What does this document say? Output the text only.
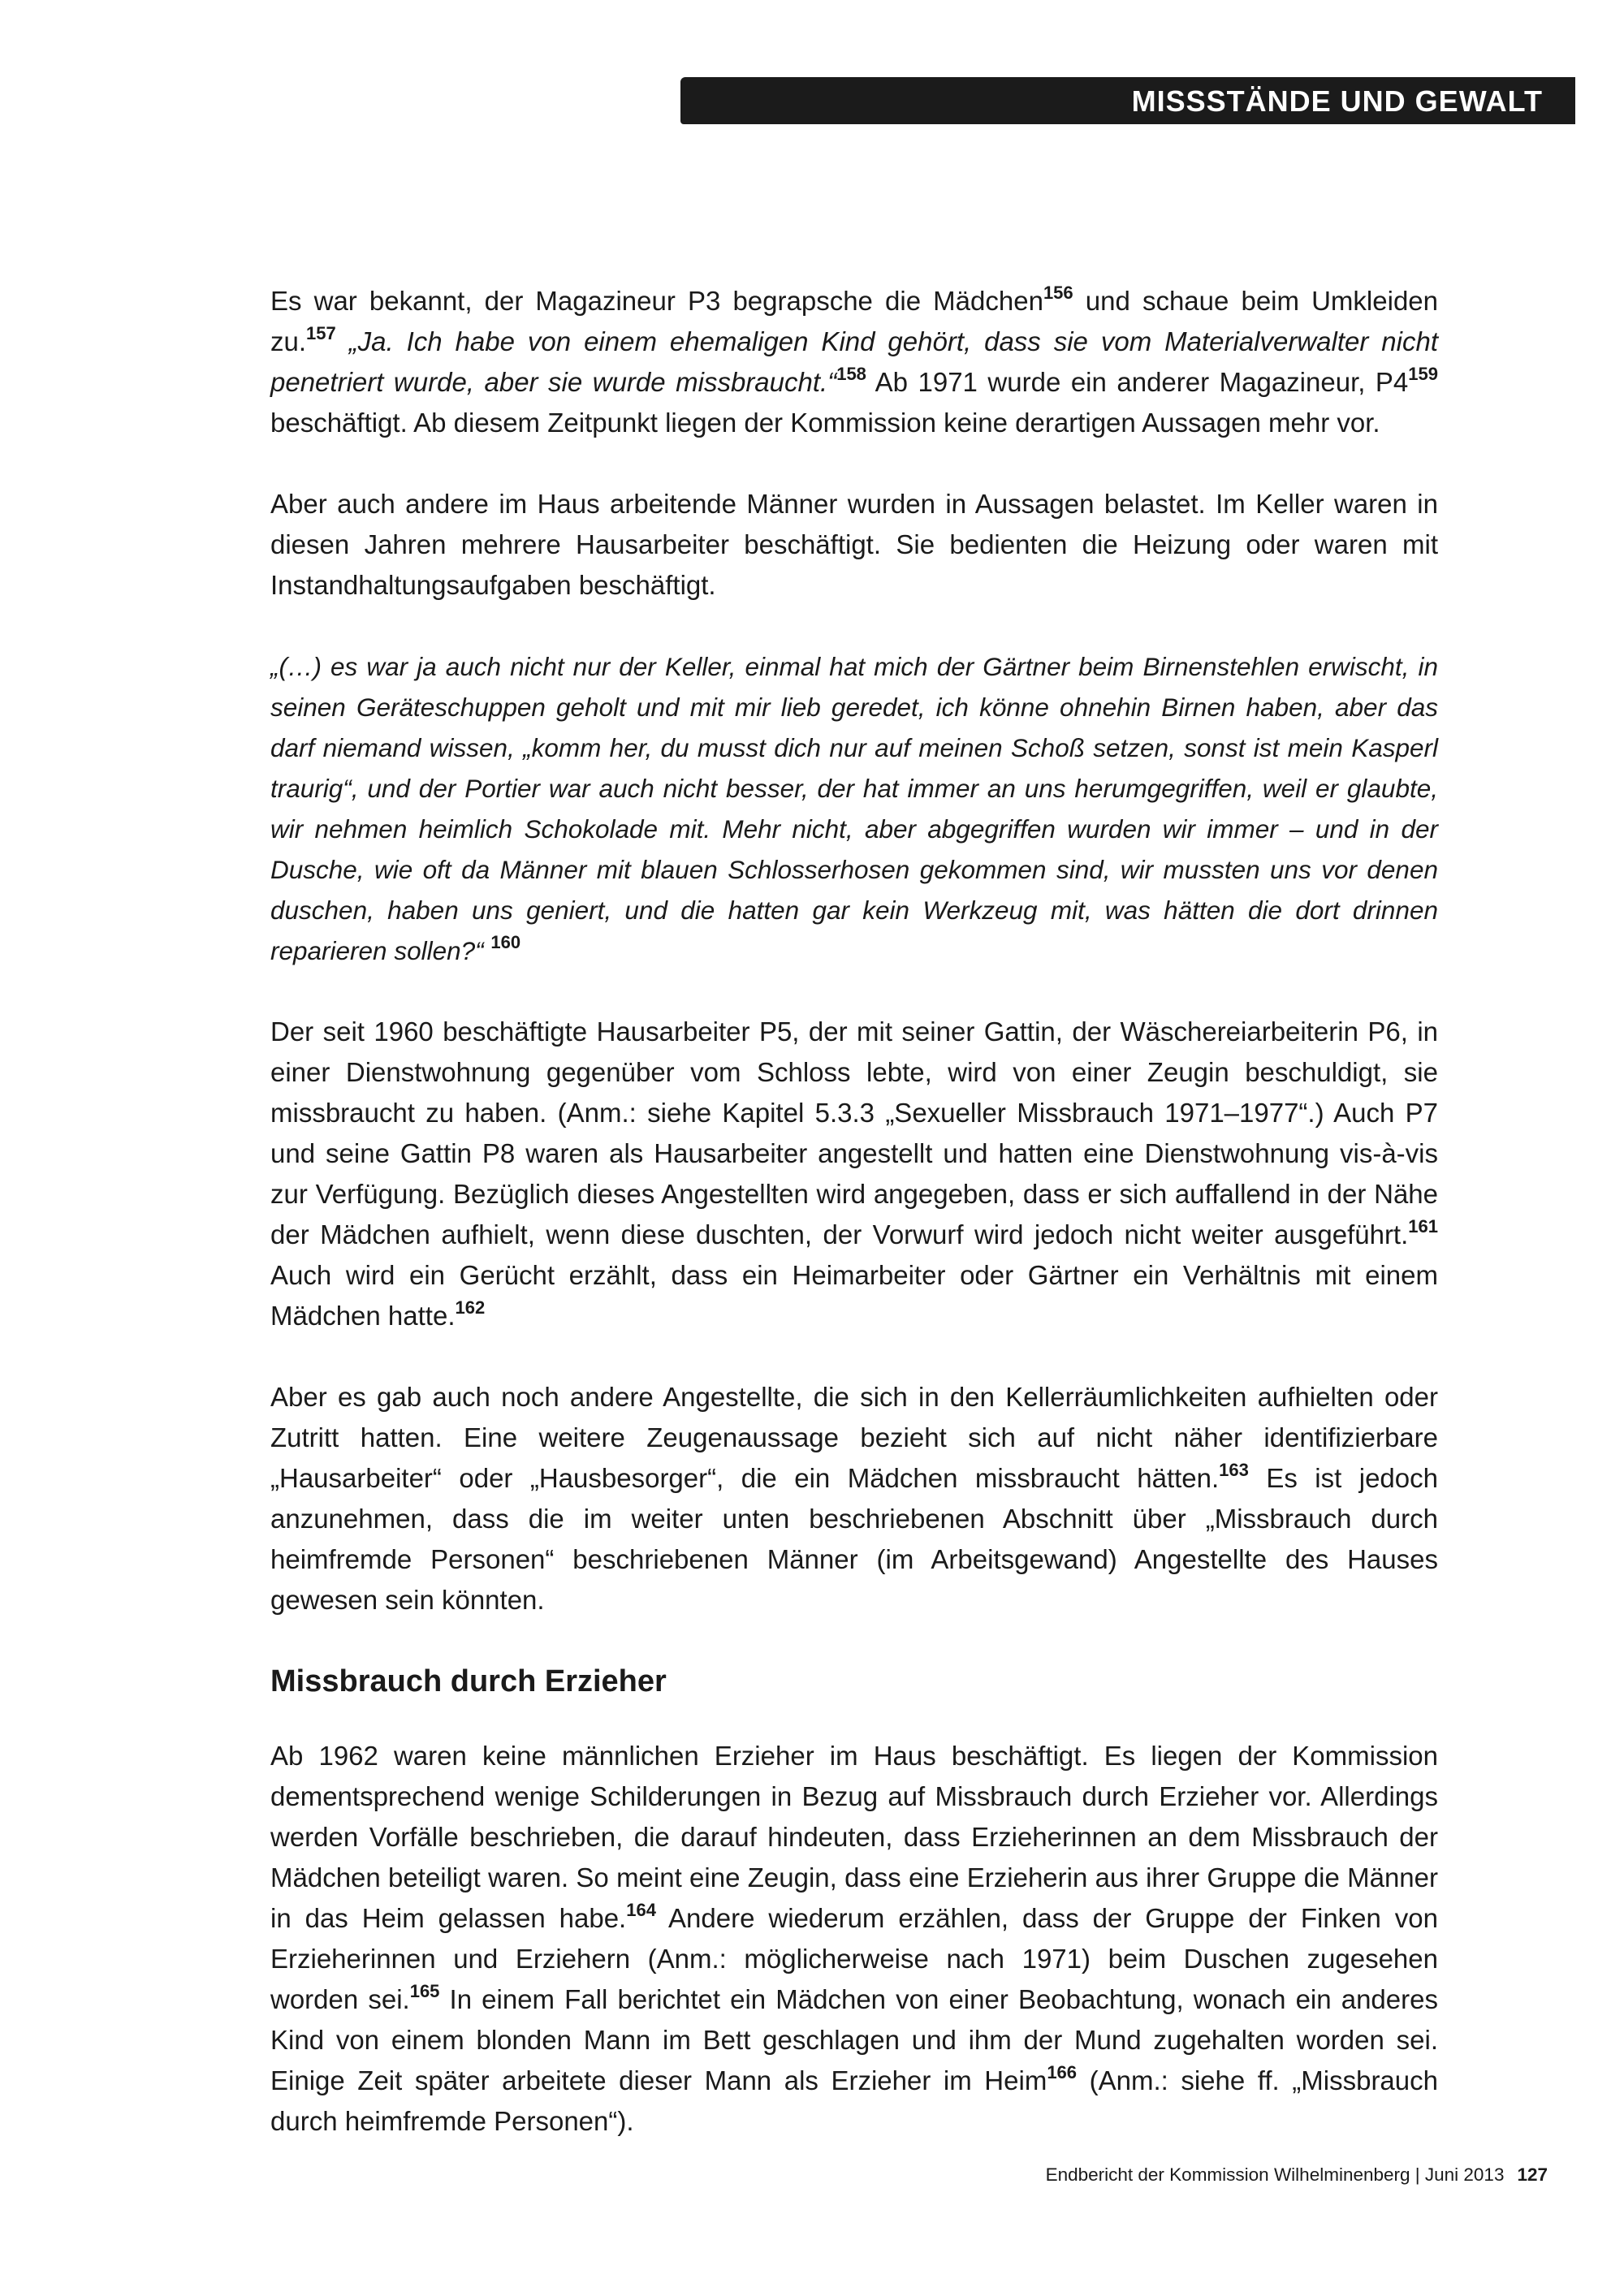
MISSSTÄNDE UND GEWALT

Es war bekannt, der Magazineur P3 begrapsche die Mädchen$^{156}$ und schaue beim Umkleiden zu.$^{157}$ „Ja. Ich habe von einem ehemaligen Kind gehört, dass sie vom Materialverwalter nicht penetriert wurde, aber sie wurde missbraucht.“$^{158}$ Ab 1971 wurde ein anderer Magazineur, P4$^{159}$ beschäftigt. Ab diesem Zeitpunkt liegen der Kommission keine derartigen Aussagen mehr vor.

Aber auch andere im Haus arbeitende Männer wurden in Aussagen belastet. Im Keller waren in diesen Jahren mehrere Hausarbeiter beschäftigt. Sie bedienten die Heizung oder waren mit Instandhaltungsaufgaben beschäftigt.

„(…) es war ja auch nicht nur der Keller, einmal hat mich der Gärtner beim Birnenstehlen erwischt, in seinen Geräteschuppen geholt und mit mir lieb geredet, ich könne ohnehin Birnen haben, aber das darf niemand wissen, „komm her, du musst dich nur auf meinen Schoß setzen, sonst ist mein Kasperl traurig“, und der Portier war auch nicht besser, der hat immer an uns herumgegriffen, weil er glaubte, wir nehmen heimlich Schokolade mit. Mehr nicht, aber abgegriffen wurden wir immer – und in der Dusche, wie oft da Männer mit blauen Schlosserhosen gekommen sind, wir mussten uns vor denen duschen, haben uns geniert, und die hatten gar kein Werkzeug mit, was hätten die dort drinnen reparieren sollen?“ $^{160}$

Der seit 1960 beschäftigte Hausarbeiter P5, der mit seiner Gattin, der Wäschereiarbeiterin P6, in einer Dienstwohnung gegenüber vom Schloss lebte, wird von einer Zeugin beschuldigt, sie missbraucht zu haben. (Anm.: siehe Kapitel 5.3.3 „Sexueller Missbrauch 1971–1977“.) Auch P7 und seine Gattin P8 waren als Hausarbeiter angestellt und hatten eine Dienstwohnung vis-à-vis zur Verfügung. Bezüglich dieses Angestellten wird angegeben, dass er sich auffallend in der Nähe der Mädchen aufhielt, wenn diese duschten, der Vorwurf wird jedoch nicht weiter ausgeführt.$^{161}$ Auch wird ein Gerücht erzählt, dass ein Heimarbeiter oder Gärtner ein Verhältnis mit einem Mädchen hatte.$^{162}$

Aber es gab auch noch andere Angestellte, die sich in den Kellerräumlichkeiten aufhielten oder Zutritt hatten. Eine weitere Zeugenaussage bezieht sich auf nicht näher identifizierbare „Hausarbeiter“ oder „Hausbesorger“, die ein Mädchen missbraucht hätten.$^{163}$ Es ist jedoch anzunehmen, dass die im weiter unten beschriebenen Abschnitt über „Missbrauch durch heimfremde Personen“ beschriebenen Männer (im Arbeitsgewand) Angestellte des Hauses gewesen sein könnten.

Missbrauch durch Erzieher

Ab 1962 waren keine männlichen Erzieher im Haus beschäftigt. Es liegen der Kommission dementsprechend wenige Schilderungen in Bezug auf Missbrauch durch Erzieher vor. Allerdings werden Vorfälle beschrieben, die darauf hindeuten, dass Erzieherinnen an dem Missbrauch der Mädchen beteiligt waren. So meint eine Zeugin, dass eine Erzieherin aus ihrer Gruppe die Männer in das Heim gelassen habe.$^{164}$ Andere wiederum erzählen, dass der Gruppe der Finken von Erzieherinnen und Erziehern (Anm.: möglicherweise nach 1971) beim Duschen zugesehen worden sei.$^{165}$ In einem Fall berichtet ein Mädchen von einer Beobachtung, wonach ein anderes Kind von einem blonden Mann im Bett geschlagen und ihm der Mund zugehalten worden sei. Einige Zeit später arbeitete dieser Mann als Erzieher im Heim$^{166}$ (Anm.: siehe ff. „Missbrauch durch heimfremde Personen“).

Endbericht der Kommission Wilhelminenberg | Juni 2013 127
